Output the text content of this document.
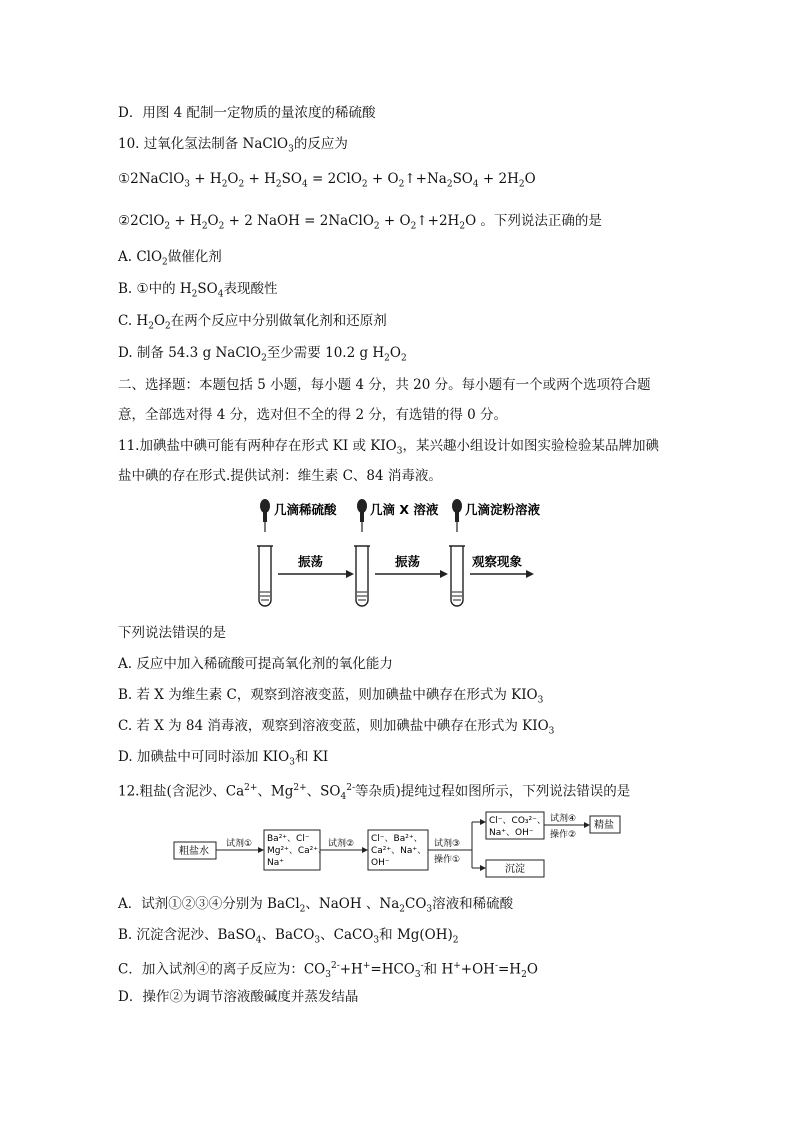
D．用图 4 配制一定物质的量浓度的稀硫酸
10. 过氧化氢法制备 NaClO$_3$的反应为
①2NaClO$_3$ + $H_2O_2 + H_2SO_4 = 2ClO_2$ + $O_2↑+Na_2SO_4 + 2H_2O$
②2ClO$_2$ + $H_2O_2 + 2$ NaOH = 2NaClO$_2$ + $O_2↑+2H_2O$ 。下列说法正确的是
A. ClO$_2$做催化剂
B. ①中的 $H_2SO_4$表现酸性
C. $H_2O_2$在两个反应中分别做氧化剂和还原剂
D. 制备 54.3 g NaClO$_2$至少需要 10.2 g $H_2O_2$
二、选择题：本题包括 5 小题，每小题 4 分，共 20 分。每小题有一个或两个选项符合题
意，全部选对得 4 分，选对但不全的得 2 分，有选错的得 0 分。
11.加碘盐中碘可能有两种存在形式 KI 或 $KIO_3$，某兴趣小组设计如图实验检验某品牌加碘
盐中碘的存在形式.提供试剂：维生素 C、84 消毒液。
几滴稀硫酸	几滴 X 溶液 几滴淀粉溶液
振荡	振荡	观察现象
下列说法错误的是
A. 反应中加入稀硫酸可提高氧化剂的氧化能力
B. 若 X 为维生素 C，观察到溶液变蓝，则加碘盐中碘存在形式为 $KIO_3$
C. 若 X 为 84 消毒液，观察到溶液变蓝，则加碘盐中碘存在形式为 $KIO_3$
D. 加碘盐中可同时添加 $KIO_3$和 KI
12.粗盐(含泥沙、$Ca^{2+}$、$Mg^{2+}$、$SO_4^{2-}$等杂质)提纯过程如图所示，下列说法错误的是
粗盐水
试剂① Ba²⁺、Cl⁻
Mg²⁺、Ca²⁺、
Na⁺
试剂② Cl⁻、Ba²⁺、
Ca²⁺、Na⁺、
OH⁻
试剂③
操作①
Cl⁻、CO₃²⁻、
Na⁺、OH⁻
试剂④
操作②
精盐
沉淀
A．试剂①②③④分别为 BaCl$_2$、NaOH 、$Na_2CO_3$溶液和稀硫酸
B. 沉淀含泥沙、BaSO$_4$、BaCO$_3$、CaCO$_3$和 $Mg(OH)_2$
C．加入试剂④的离子反应为：$CO_3^{2-}+H^+=HCO_3^-$和 $H^++OH^-=H_2O$
D．操作②为调节溶液酸碱度并蒸发结晶
